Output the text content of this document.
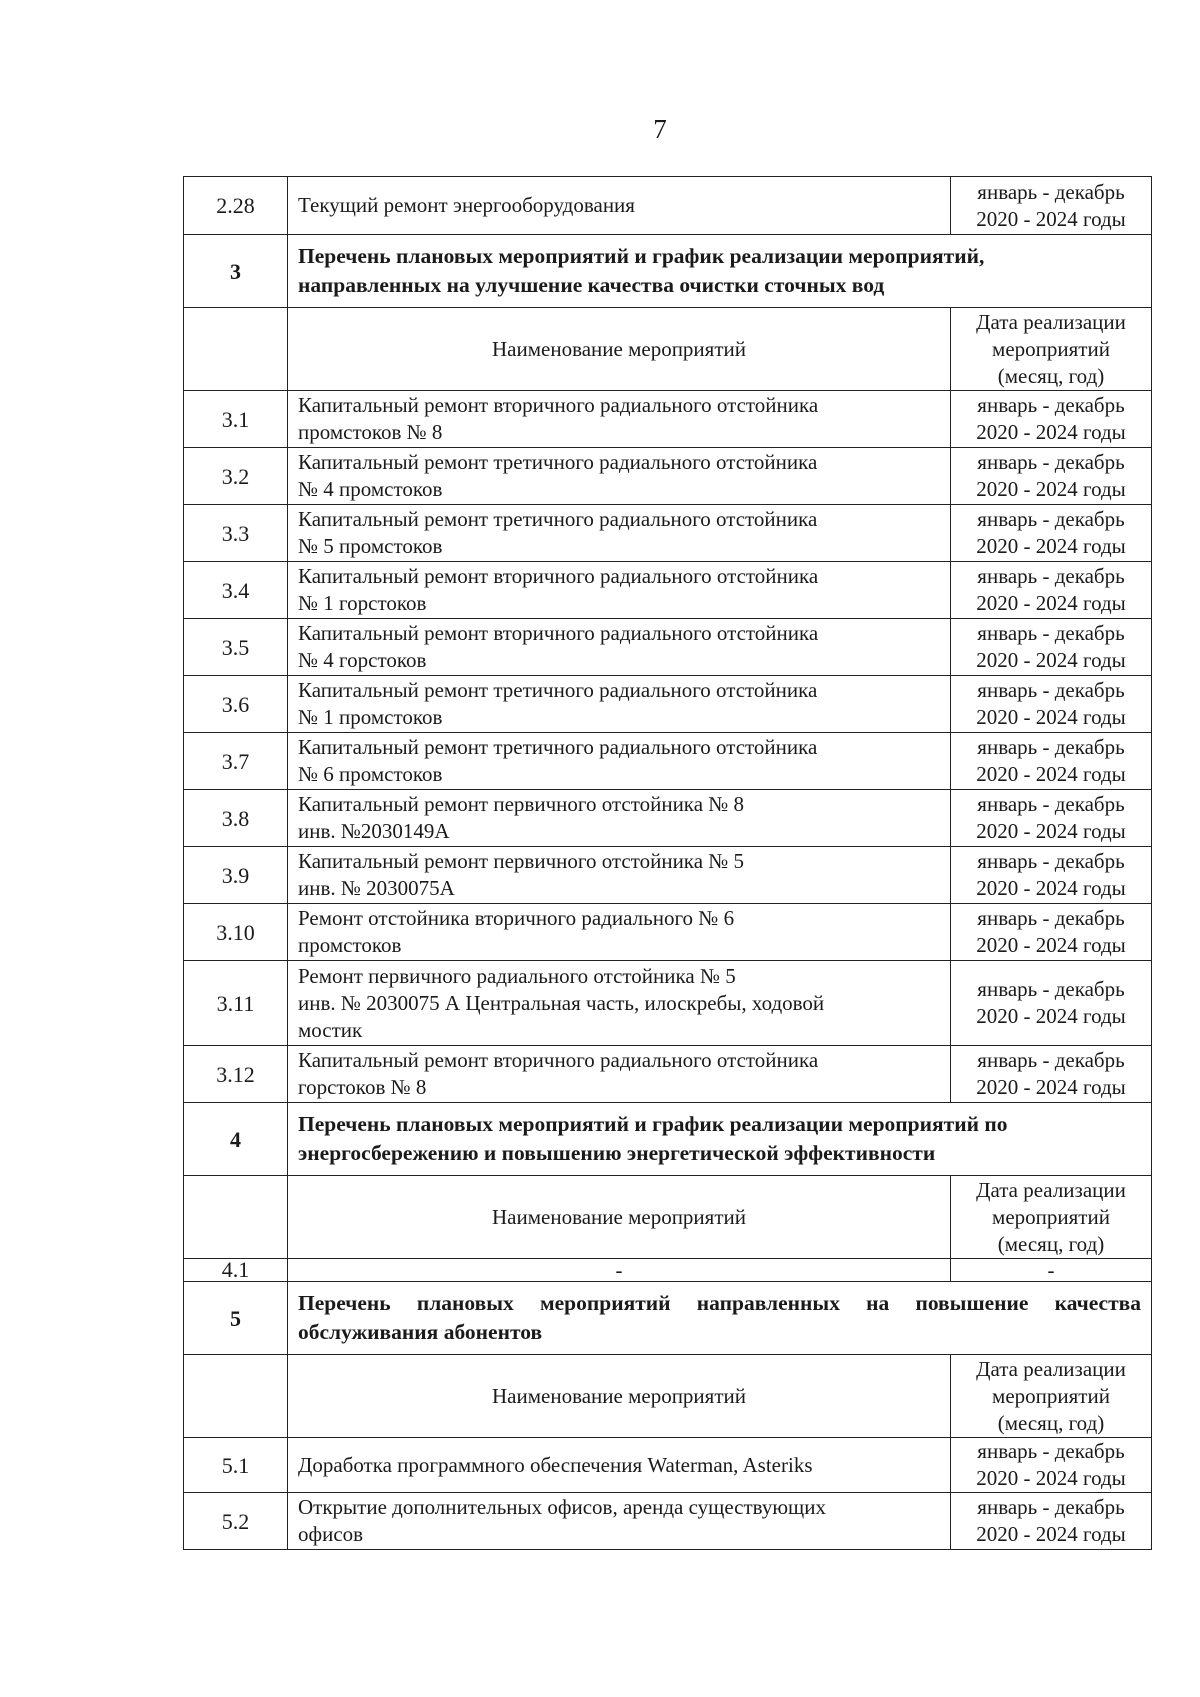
7
2.28	Текущий ремонт энергооборудования	январь - декабрь
2020 - 2024 годы

3	Перечень плановых мероприятий и график реализации мероприятий,
направленных на улучшение качества очистки сточных вод	

	Наименование мероприятий	Дата реализации
мероприятий
(месяц, год)

3.1	Капитальный ремонт вторичного радиального отстойника
промстоков № 8	январь - декабрь
2020 - 2024 годы

3.2	Капитальный ремонт третичного радиального отстойника
№ 4 промстоков	январь - декабрь
2020 - 2024 годы

3.3	Капитальный ремонт третичного радиального отстойника
№ 5 промстоков	январь - декабрь
2020 - 2024 годы

3.4	Капитальный ремонт вторичного радиального отстойника
№ 1 горстоков	январь - декабрь
2020 - 2024 годы

3.5	Капитальный ремонт вторичного радиального отстойника
№ 4 горстоков	январь - декабрь
2020 - 2024 годы

3.6	Капитальный ремонт третичного радиального отстойника
№ 1 промстоков	январь - декабрь
2020 - 2024 годы

3.7	Капитальный ремонт третичного радиального отстойника
№ 6 промстоков	январь - декабрь
2020 - 2024 годы

3.8	Капитальный ремонт первичного отстойника № 8
инв. №2030149А	январь - декабрь
2020 - 2024 годы

3.9	Капитальный ремонт первичного отстойника № 5
инв. № 2030075А	январь - декабрь
2020 - 2024 годы

3.10	Ремонт отстойника вторичного радиального № 6
промстоков	январь - декабрь
2020 - 2024 годы

3.11	Ремонт первичного радиального отстойника № 5
инв. № 2030075 А Центральная часть, илоскребы, ходовой
мостик	январь - декабрь
2020 - 2024 годы

3.12	Капитальный ремонт вторичного радиального отстойника
горстоков № 8	январь - декабрь
2020 - 2024 годы

4	Перечень плановых мероприятий и график реализации мероприятий по
энергосбережению и повышению энергетической эффективности	

	Наименование мероприятий	Дата реализации
мероприятий
(месяц, год)

4.1	-	-
5	Перечень плановых мероприятий направленных на повышение качества
обслуживания абонентов	

	Наименование мероприятий	Дата реализации
мероприятий
(месяц, год)

5.1	Доработка программного обеспечения Waterman, Asteriks	январь - декабрь
2020 - 2024 годы

5.2	Открытие дополнительных офисов, аренда существующих
офисов	январь - декабрь
2020 - 2024 годы
